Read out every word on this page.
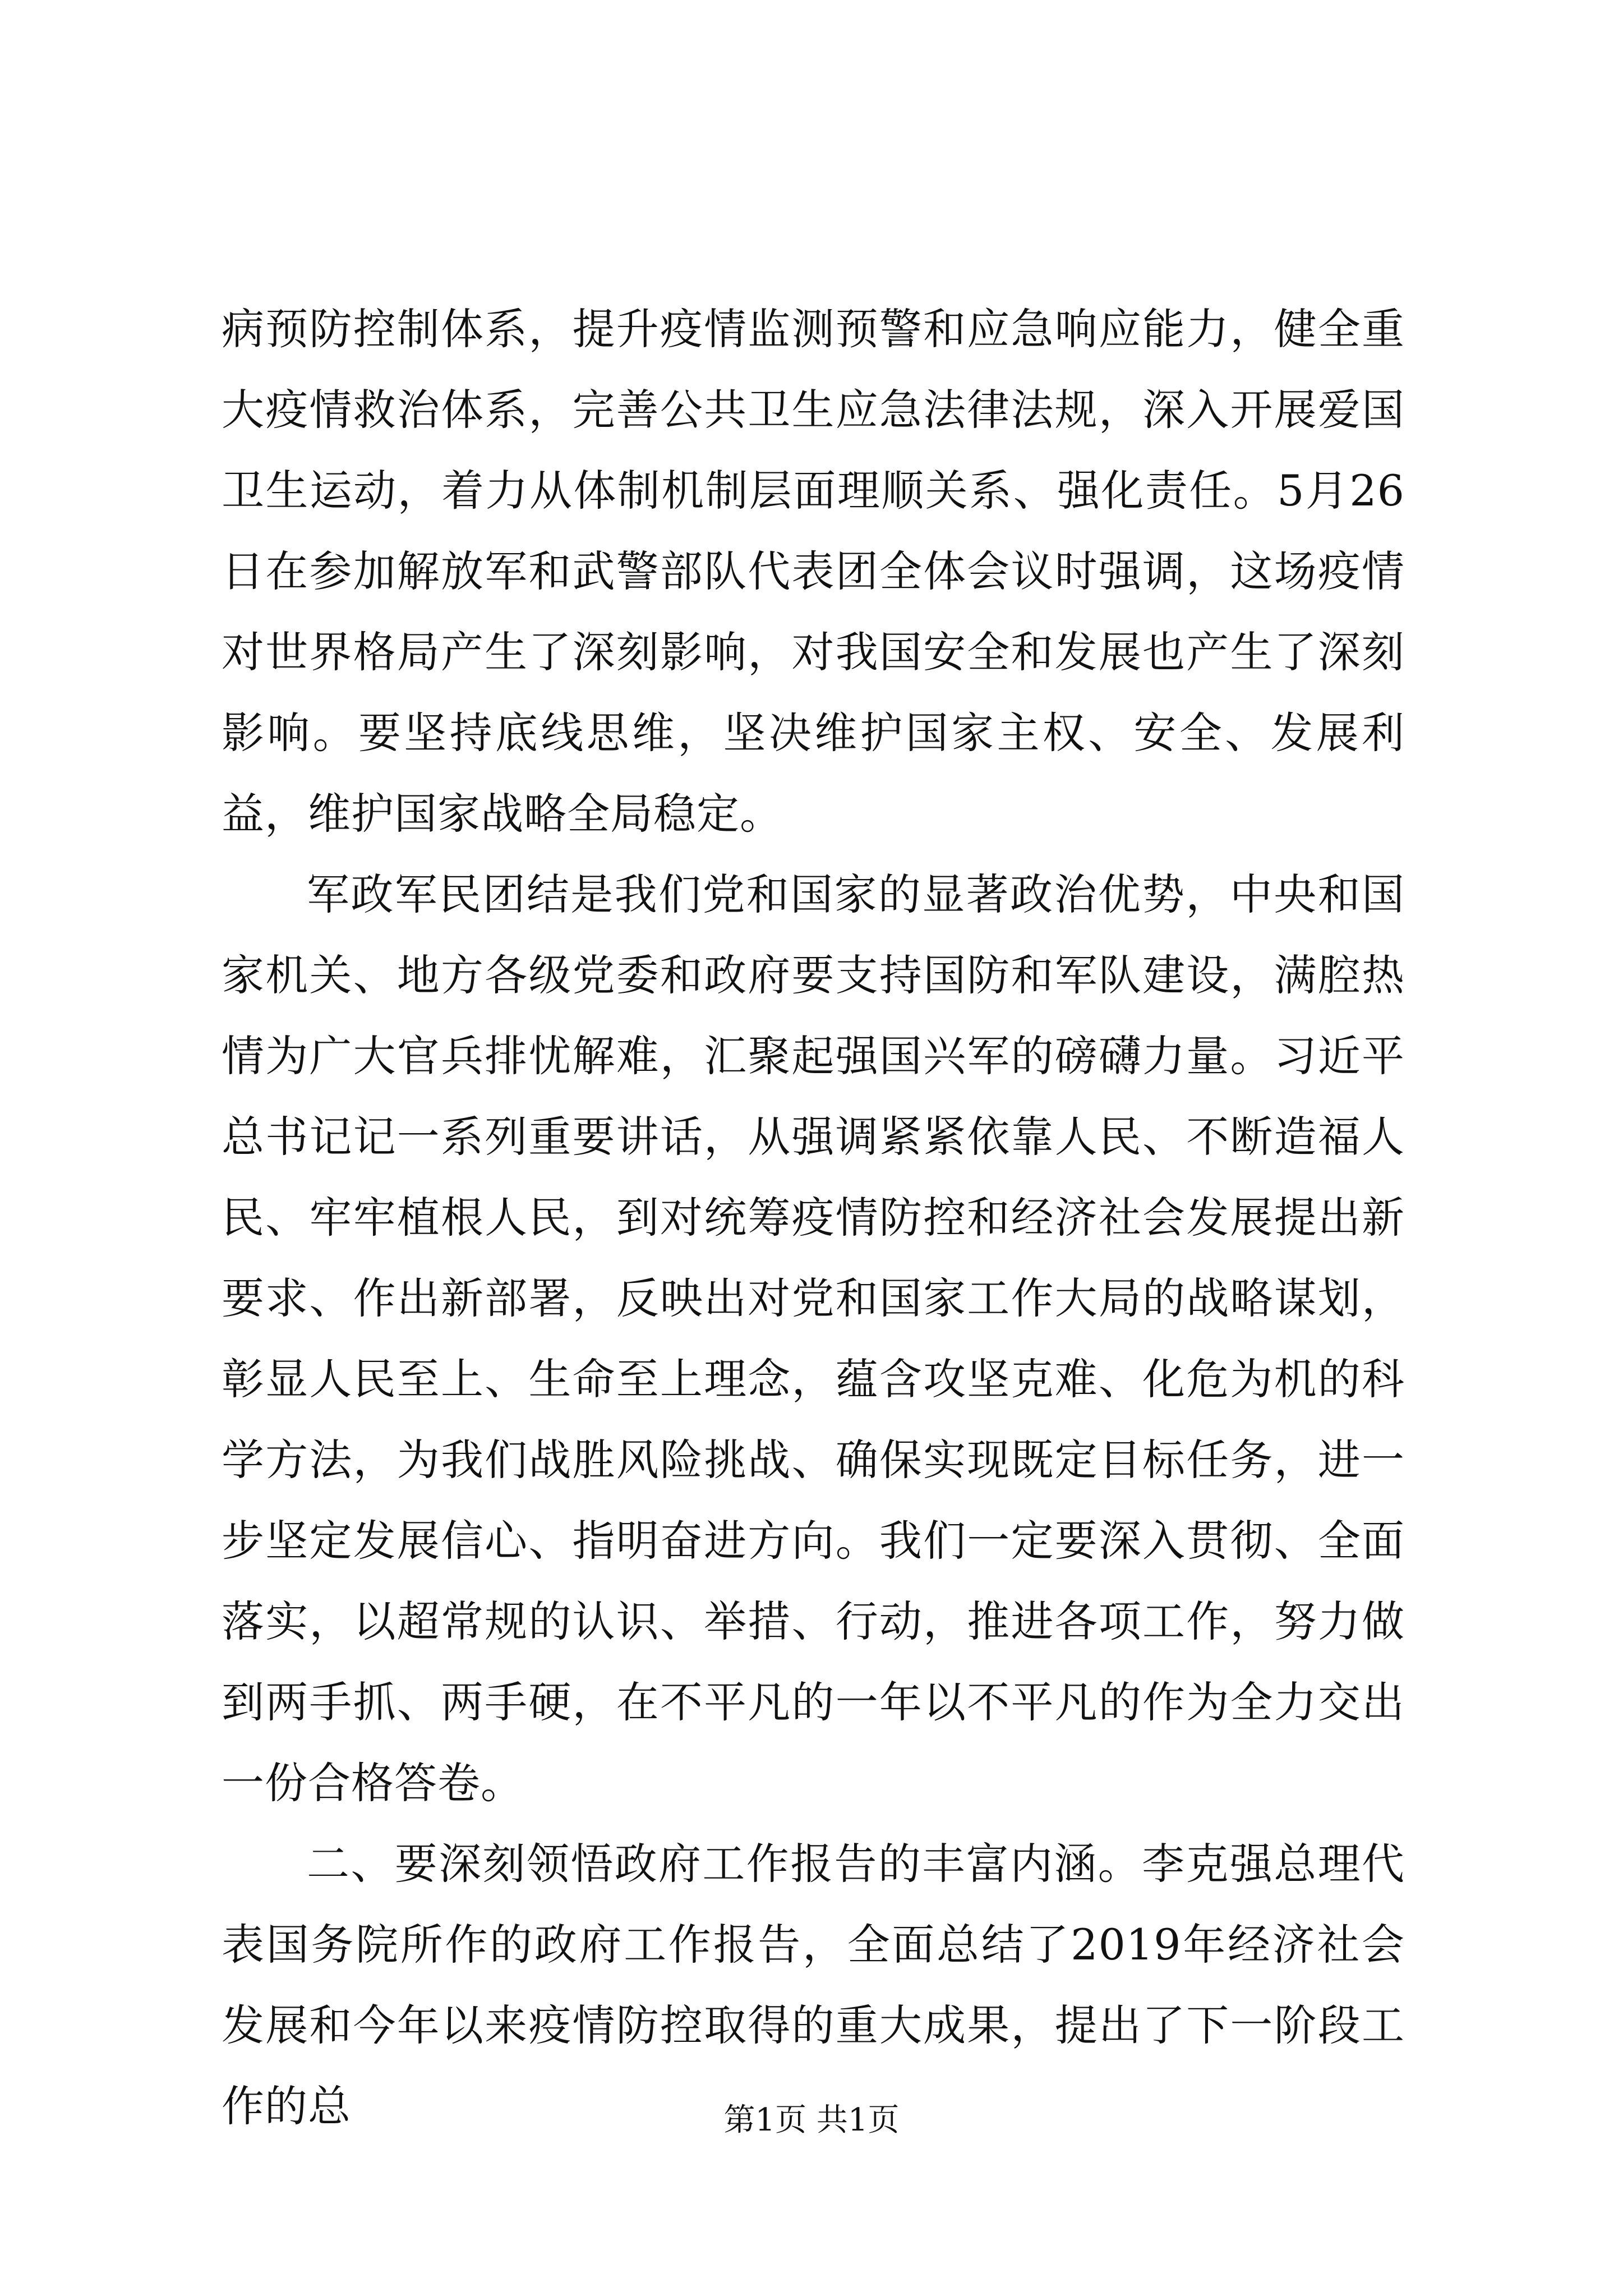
病预防控制体系，提升疫情监测预警和应急响应能力，健全重大疫情救治体系，完善公共卫生应急法律法规，深入开展爱国卫生运动，着力从体制机制层面理顺关系、强化责任。5月26日在参加解放军和武警部队代表团全体会议时强调，这场疫情对世界格局产生了深刻影响，对我国安全和发展也产生了深刻影响。要坚持底线思维，坚决维护国家主权、安全、发展利益，维护国家战略全局稳定。

军政军民团结是我们党和国家的显著政治优势，中央和国家机关、地方各级党委和政府要支持国防和军队建设，满腔热情为广大官兵排忧解难，汇聚起强国兴军的磅礴力量。习近平总书记记一系列重要讲话，从强调紧紧依靠人民、不断造福人民、牢牢植根人民，到对统筹疫情防控和经济社会发展提出新要求、作出新部署，反映出对党和国家工作大局的战略谋划，彰显人民至上、生命至上理念，蕴含攻坚克难、化危为机的科学方法，为我们战胜风险挑战、确保实现既定目标任务，进一步坚定发展信心、指明奋进方向。我们一定要深入贯彻、全面落实，以超常规的认识、举措、行动，推进各项工作，努力做到两手抓、两手硬，在不平凡的一年以不平凡的作为全力交出一份合格答卷。

二、要深刻领悟政府工作报告的丰富内涵。李克强总理代表国务院所作的政府工作报告，全面总结了2019年经济社会发展和今年以来疫情防控取得的重大成果，提出了下一阶段工作的总	第1页 共1页
